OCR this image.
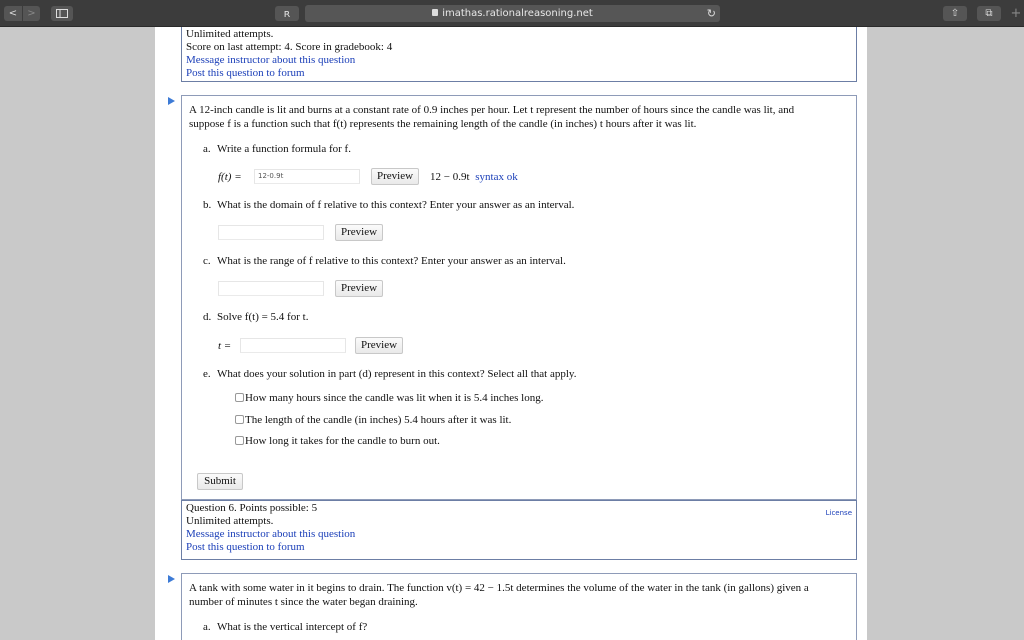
<	>	ʀ	imathas.rationalreasoning.net	↻	⇧	⧉	+
Unlimited attempts.
Score on last attempt: 4. Score in gradebook: 4
Message instructor about this question
Post this question to forum
A 12-inch candle is lit and burns at a constant rate of 0.9 inches per hour. Let t represent the number of hours since the candle was lit, and
suppose f is a function such that f(t) represents the remaining length of the candle (in inches) t hours after it was lit.
a. Write a function formula for f.
f(t) =	12-0.9t	Preview	12 − 0.9t syntax ok
b. What is the domain of f relative to this context? Enter your answer as an interval.
Preview
c. What is the range of f relative to this context? Enter your answer as an interval.
Preview
d. Solve f(t) = 5.4 for t.
t =	Preview
e. What does your solution in part (d) represent in this context? Select all that apply.
How many hours since the candle was lit when it is 5.4 inches long.
The length of the candle (in inches) 5.4 hours after it was lit.
How long it takes for the candle to burn out.
Submit
Question 6. Points possible: 5
Unlimited attempts.
Message instructor about this question
Post this question to forum
License
A tank with some water in it begins to drain. The function v(t) = 42 − 1.5t determines the volume of the water in the tank (in gallons) given a
number of minutes t since the water began draining.
a. What is the vertical intercept of f?
